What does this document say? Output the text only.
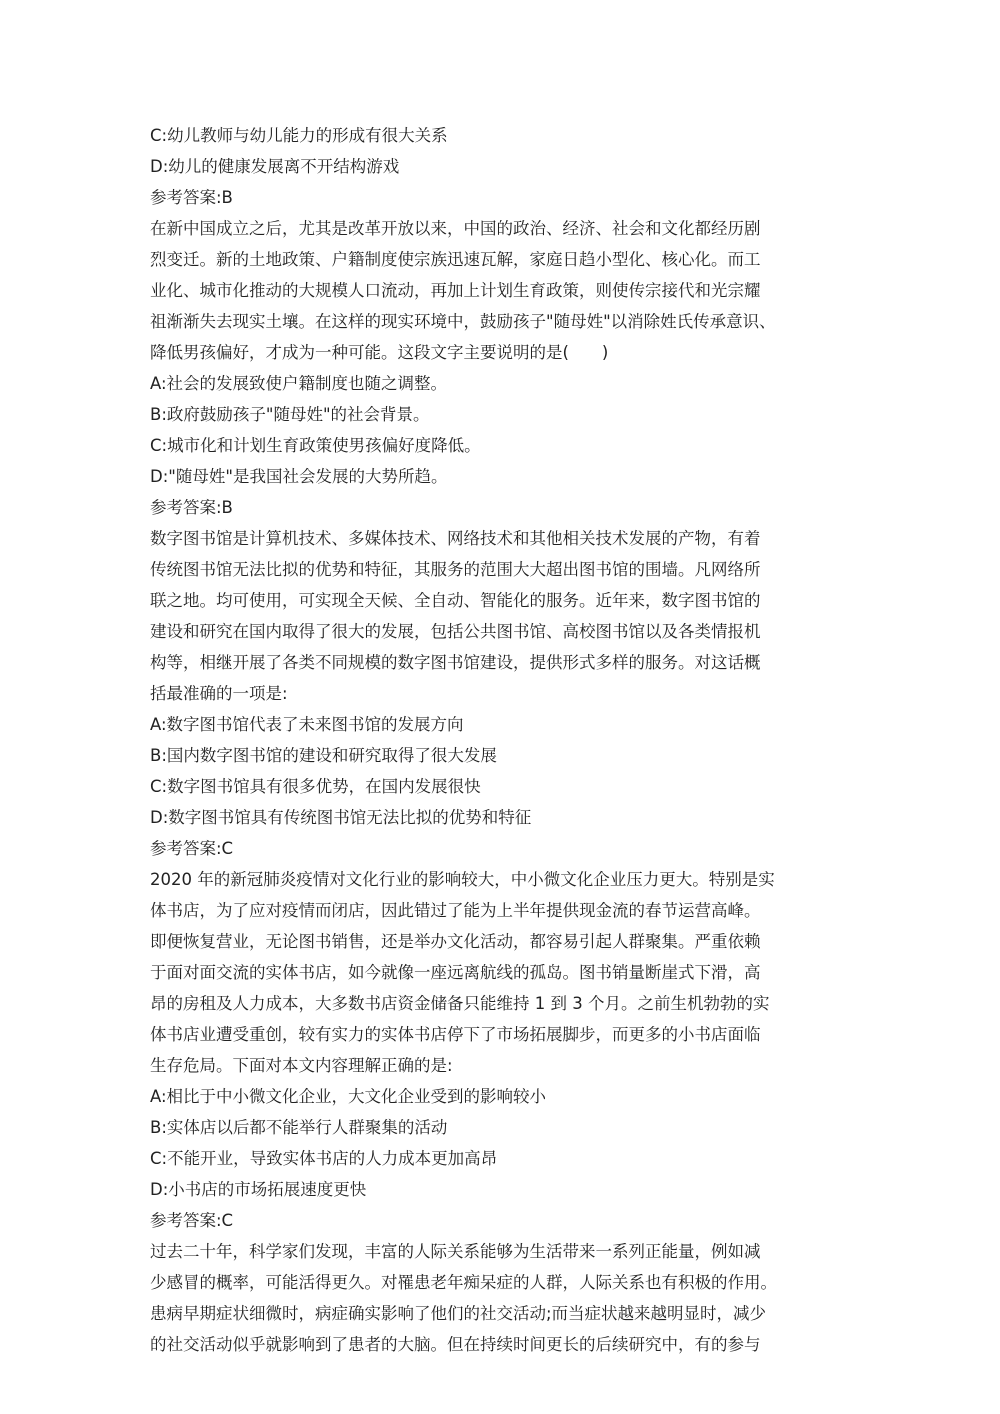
C:幼儿教师与幼儿能力的形成有很大关系
D:幼儿的健康发展离不开结构游戏
参考答案:B
在新中国成立之后，尤其是改革开放以来，中国的政治、经济、社会和文化都经历剧
烈变迁。新的土地政策、户籍制度使宗族迅速瓦解，家庭日趋小型化、核心化。而工
业化、城市化推动的大规模人口流动，再加上计划生育政策，则使传宗接代和光宗耀
祖渐渐失去现实土壤。在这样的现实环境中，鼓励孩子"随母姓"以消除姓氏传承意识、
降低男孩偏好，才成为一种可能。这段文字主要说明的是(　　)
A:社会的发展致使户籍制度也随之调整。
B:政府鼓励孩子"随母姓"的社会背景。
C:城市化和计划生育政策使男孩偏好度降低。
D:"随母姓"是我国社会发展的大势所趋。
参考答案:B
数字图书馆是计算机技术、多媒体技术、网络技术和其他相关技术发展的产物，有着
传统图书馆无法比拟的优势和特征，其服务的范围大大超出图书馆的围墙。凡网络所
联之地。均可使用，可实现全天候、全自动、智能化的服务。近年来，数字图书馆的
建设和研究在国内取得了很大的发展，包括公共图书馆、高校图书馆以及各类情报机
构等，相继开展了各类不同规模的数字图书馆建设，提供形式多样的服务。对这话概
括最准确的一项是:
A:数字图书馆代表了未来图书馆的发展方向
B:国内数字图书馆的建设和研究取得了很大发展
C:数字图书馆具有很多优势，在国内发展很快
D:数字图书馆具有传统图书馆无法比拟的优势和特征
参考答案:C
2020 年的新冠肺炎疫情对文化行业的影响较大，中小微文化企业压力更大。特别是实
体书店，为了应对疫情而闭店，因此错过了能为上半年提供现金流的春节运营高峰。
即便恢复营业，无论图书销售，还是举办文化活动，都容易引起人群聚集。严重依赖
于面对面交流的实体书店，如今就像一座远离航线的孤岛。图书销量断崖式下滑，高
昂的房租及人力成本，大多数书店资金储备只能维持 1 到 3 个月。之前生机勃勃的实
体书店业遭受重创，较有实力的实体书店停下了市场拓展脚步，而更多的小书店面临
生存危局。下面对本文内容理解正确的是:
A:相比于中小微文化企业，大文化企业受到的影响较小
B:实体店以后都不能举行人群聚集的活动
C:不能开业，导致实体书店的人力成本更加高昂
D:小书店的市场拓展速度更快
参考答案:C
过去二十年，科学家们发现，丰富的人际关系能够为生活带来一系列正能量，例如减
少感冒的概率，可能活得更久。对罹患老年痴呆症的人群，人际关系也有积极的作用。
患病早期症状细微时，病症确实影响了他们的社交活动;而当症状越来越明显时，减少
的社交活动似乎就影响到了患者的大脑。但在持续时间更长的后续研究中，有的参与
